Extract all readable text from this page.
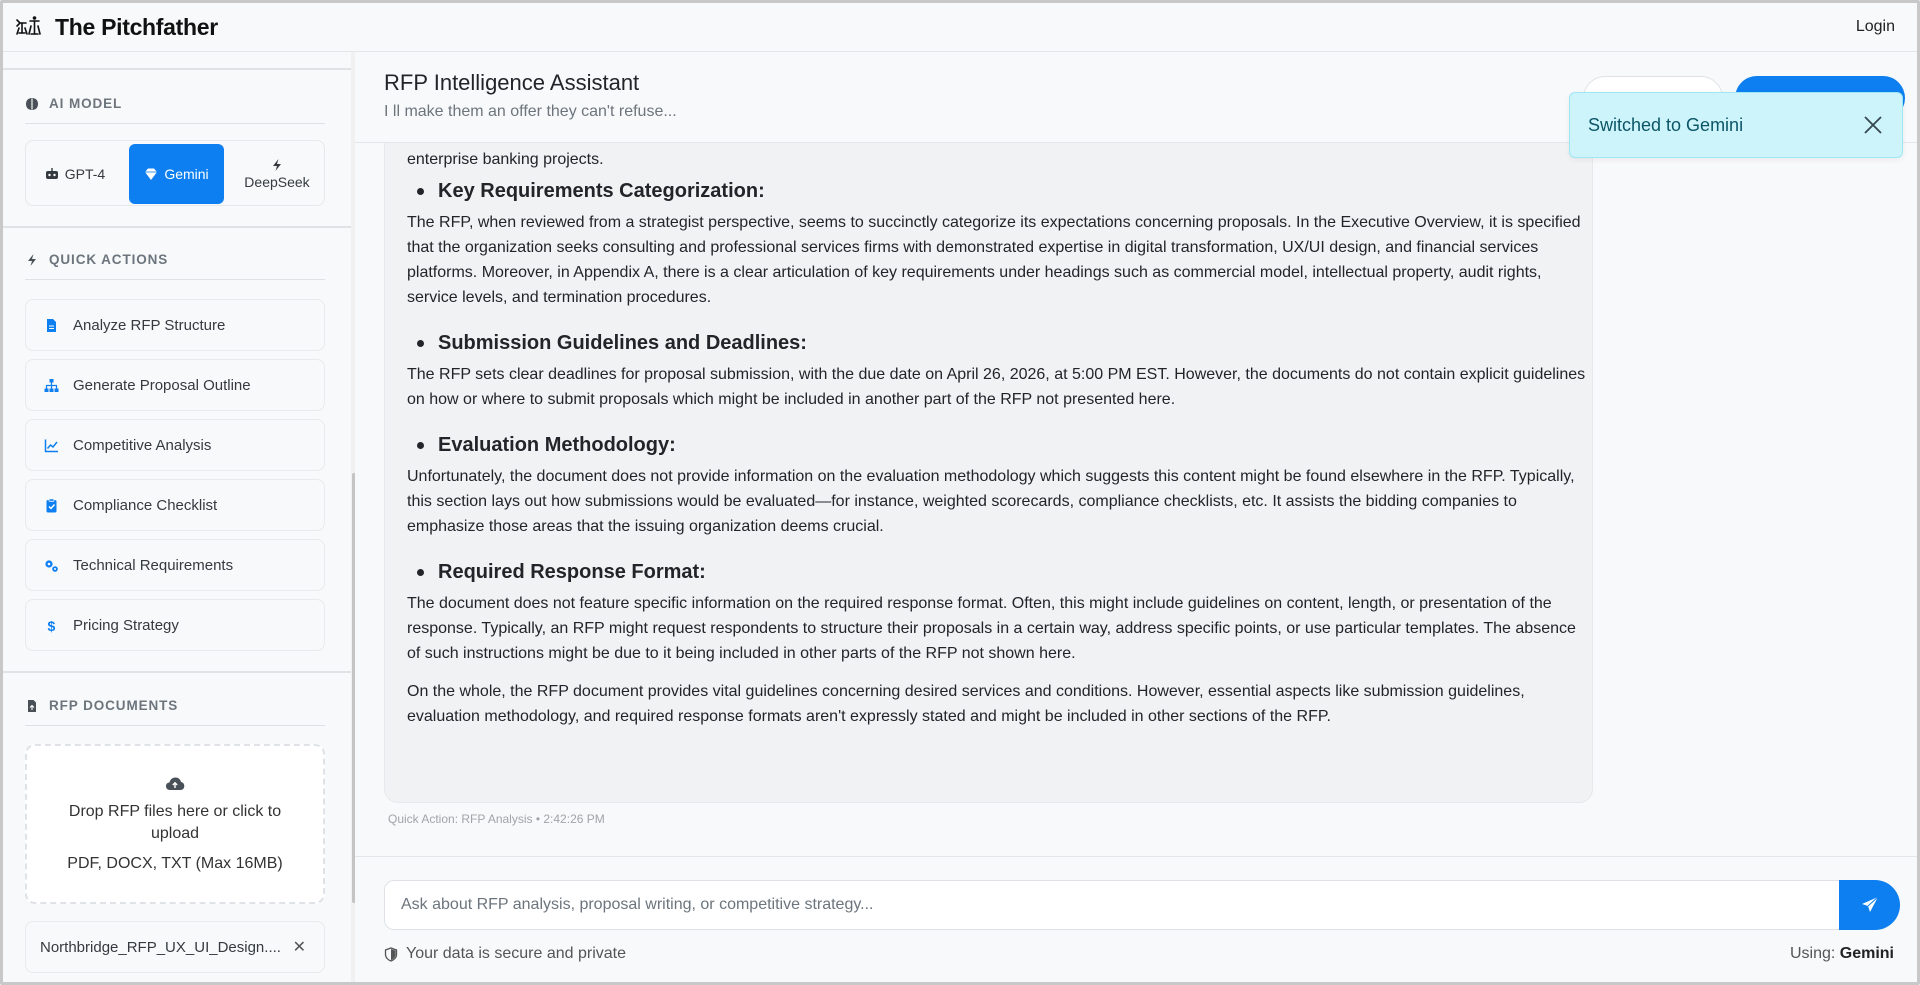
The Pitchfather	Login
AI MODEL
GPT-4	Gemini	DeepSeek
QUICK ACTIONS
Analyze RFP Structure
Generate Proposal Outline
Competitive Analysis
Compliance Checklist
Technical Requirements
$ Pricing Strategy
RFP DOCUMENTS
Drop RFP files here or click to upload
PDF, DOCX, TXT (Max 16MB)
Northbridge_RFP_UX_UI_Design.... ✕
RFP Intelligence Assistant
I ll make them an offer they can't refuse...

enterprise banking projects.

Key Requirements Categorization:

The RFP, when reviewed from a strategist perspective, seems to succinctly categorize its expectations concerning proposals. In the Executive Overview, it is specified that the organization seeks consulting and professional services firms with demonstrated expertise in digital transformation, UX/UI design, and financial services platforms. Moreover, in Appendix A, there is a clear articulation of key requirements under headings such as commercial model, intellectual property, audit rights, service levels, and termination procedures.

Submission Guidelines and Deadlines:

The RFP sets clear deadlines for proposal submission, with the due date on April 26, 2026, at 5:00 PM EST. However, the documents do not contain explicit guidelines on how or where to submit proposals which might be included in another part of the RFP not presented here.

Evaluation Methodology:

Unfortunately, the document does not provide information on the evaluation methodology which suggests this content might be found elsewhere in the RFP. Typically, this section lays out how submissions would be evaluated—for instance, weighted scorecards, compliance checklists, etc. It assists the bidding companies to emphasize those areas that the issuing organization deems crucial.

Required Response Format:

The document does not feature specific information on the required response format. Often, this might include guidelines on content, length, or presentation of the response. Typically, an RFP might request respondents to structure their proposals in a certain way, address specific points, or use particular templates. The absence of such instructions might be due to it being included in other parts of the RFP not shown here.

On the whole, the RFP document provides vital guidelines concerning desired services and conditions. However, essential aspects like submission guidelines, evaluation methodology, and required response formats aren't expressly stated and might be included in other sections of the RFP.

Quick Action: RFP Analysis • 2:42:26 PM
Ask about RFP analysis, proposal writing, or competitive strategy...
Your data is secure and private	Using: Gemini
Switched to Gemini
